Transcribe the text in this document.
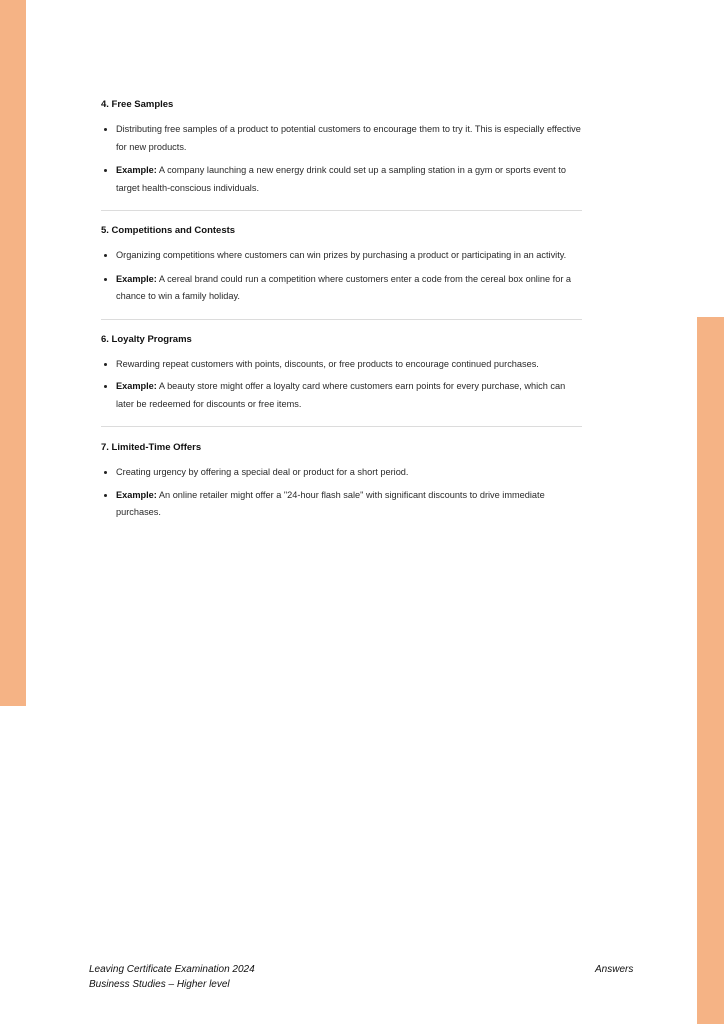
4. Free Samples
Distributing free samples of a product to potential customers to encourage them to try it. This is especially effective for new products.
Example: A company launching a new energy drink could set up a sampling station in a gym or sports event to target health-conscious individuals.
5. Competitions and Contests
Organizing competitions where customers can win prizes by purchasing a product or participating in an activity.
Example: A cereal brand could run a competition where customers enter a code from the cereal box online for a chance to win a family holiday.
6. Loyalty Programs
Rewarding repeat customers with points, discounts, or free products to encourage continued purchases.
Example: A beauty store might offer a loyalty card where customers earn points for every purchase, which can later be redeemed for discounts or free items.
7. Limited-Time Offers
Creating urgency by offering a special deal or product for a short period.
Example: An online retailer might offer a "24-hour flash sale" with significant discounts to drive immediate purchases.
Leaving Certificate Examination 2024
Business Studies – Higher level
Answers
